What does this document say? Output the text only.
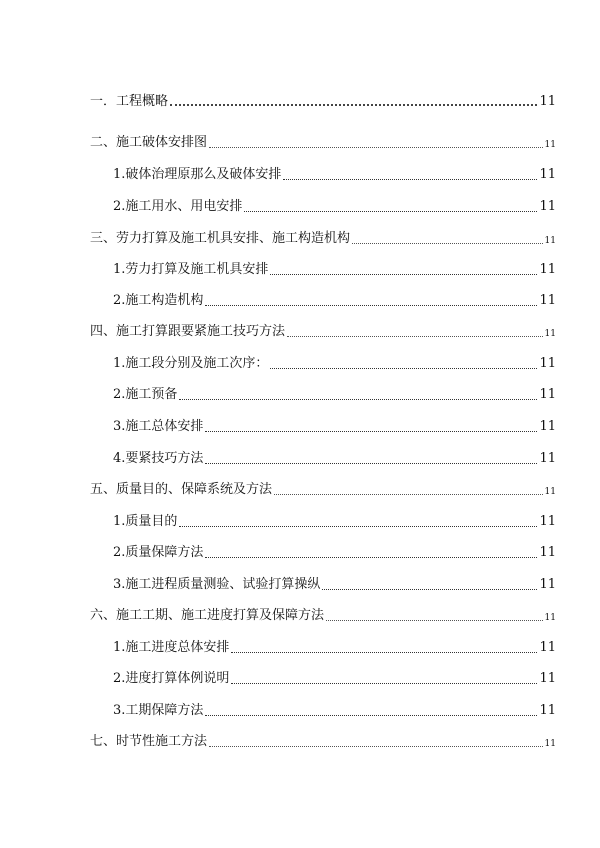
一．工程概略	11
二、施工破体安排图	11
1.破体治理原那么及破体安排	11
2.施工用水、用电安排	11
三、劳力打算及施工机具安排、施工构造机构	11
1.劳力打算及施工机具安排	11
2.施工构造机构	11
四、施工打算跟要紧施工技巧方法	11
1.施工段分别及施工次序：	11
2.施工预备	11
3.施工总体安排	11
4.要紧技巧方法	11
五、质量目的、保障系统及方法	11
1.质量目的	11
2.质量保障方法	11
3.施工进程质量测验、试验打算操纵	11
六、施工工期、施工进度打算及保障方法	11
1.施工进度总体安排	11
2.进度打算体例说明	11
3.工期保障方法	11
七、时节性施工方法	11
